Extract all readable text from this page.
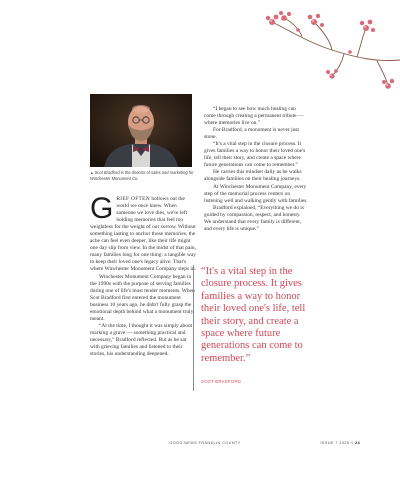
▲Scot Bradford is the director of sales and marketing for Winchester Monument Co.

GRIEF OFTEN hollows out the world we once knew. When someone we love dies, we're left holding memories that feel too weightless for the weight of our sorrow. Without something lasting to anchor those memories, the ache can feel even deeper, like their life might one day slip from view. In the midst of that pain, many families long for one thing: a tangible way to keep their loved one's legacy alive. That's where Winchester Monument Company steps in.

Winchester Monument Company began in the 1990s with the purpose of serving families during one of life's most tender moments. When Scot Bradford first entered the monument business 10 years ago, he didn't fully grasp the emotional depth behind what a monument truly meant.

“At the time, I thought it was simply about marking a grave — something practical and necessary,” Bradford reflected. But as he sat with grieving families and listened to their stories, his understanding deepened.

“I began to see how much healing can come through creating a permanent tribute — where memories live on.”

For Bradford, a monument is never just stone.

“It's a vital step in the closure process. It gives families a way to honor their loved one's life, tell their story, and create a space where future generations can come to remember.”

He carries this mindset daily as he walks alongside families on their healing journeys.

At Winchester Monument Company, every step of the memorial process centers on listening well and walking gently with families.

Bradford explained, “Everything we do is guided by compassion, respect, and honesty. We understand that every family is different, and every life is unique.”

“It's a vital step in the closure process. It gives families a way to honor their loved one's life, tell their story, and create a space where future generations can come to remember.”
SCOT BRADFORD
GOOD NEWS FRANKLIN COUNTY	ISSUE 7 2025 // 24
